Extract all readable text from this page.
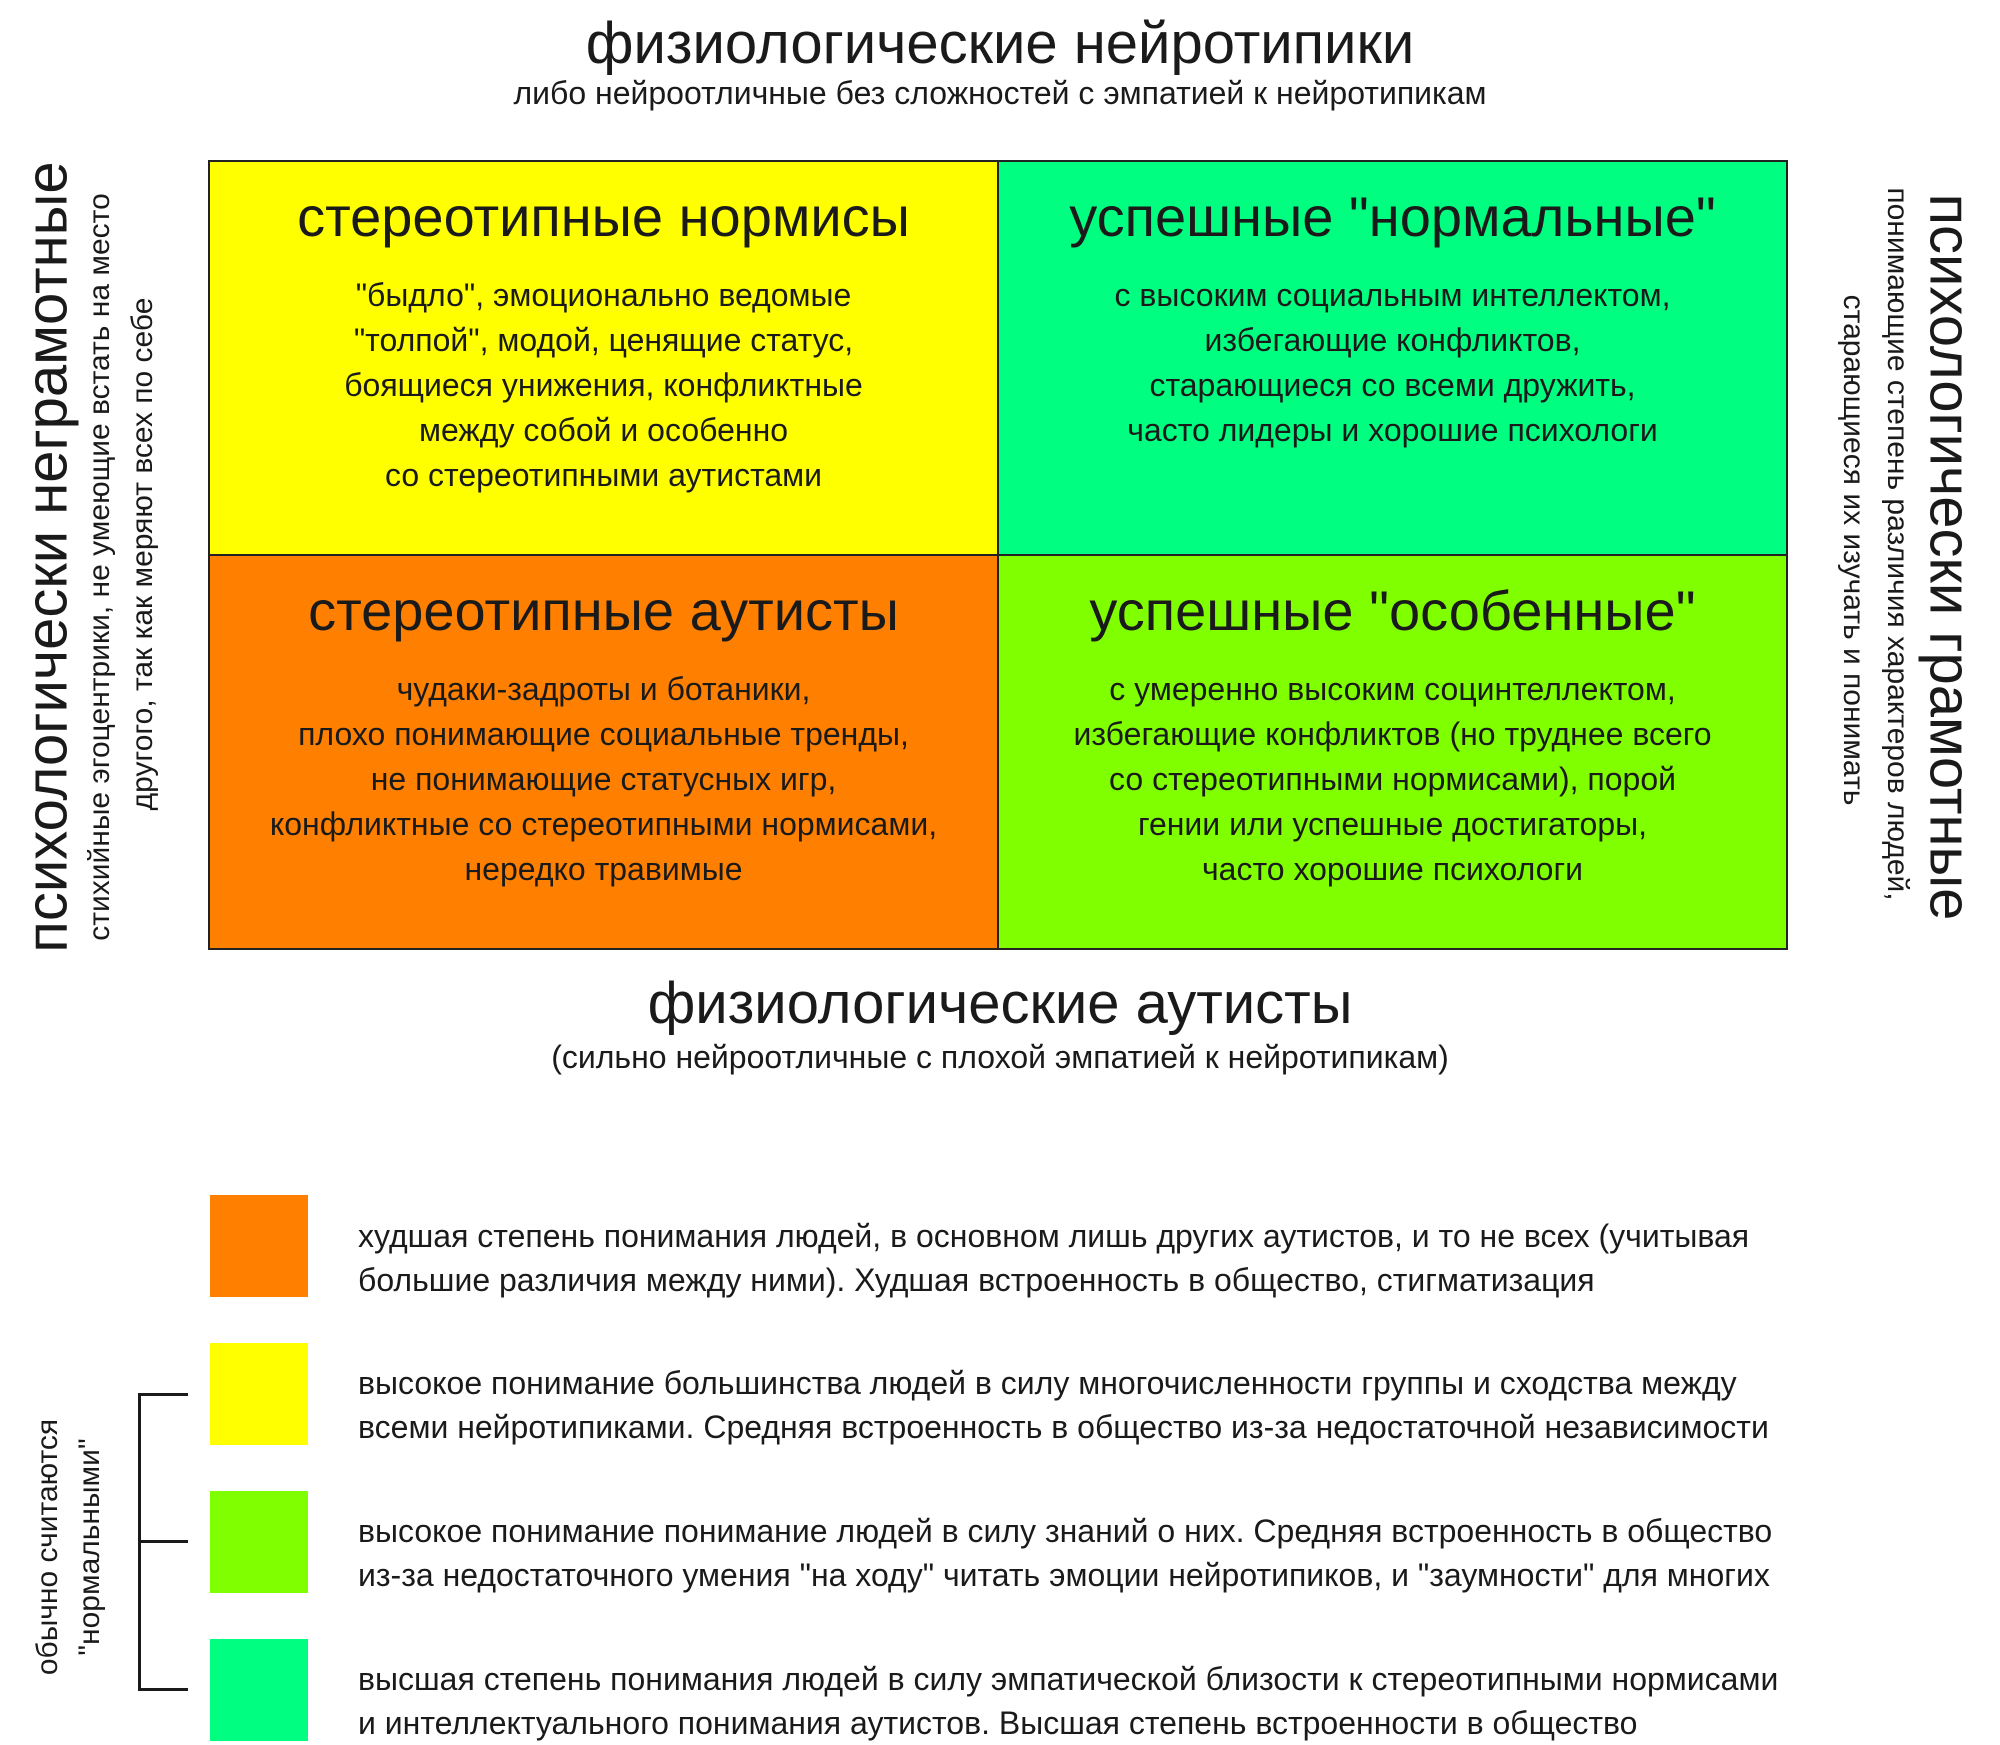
физиологические нейротипики
либо нейроотличные без сложностей с эмпатией к нейротипикам
психологически неграмотные стихийные эгоцентрики, не умеющие встать на место другого, так как меряют всех по себе	психологически грамотные
понимающие степень различия характеров людей,
старающиеся их изучать и понимать
стереотипные нормисы
"быдло", эмоционально ведомые
"толпой", модой, ценящие статус,
боящиеся унижения, конфликтные
между собой и особенно
со стереотипными аутистами
успешные "нормальные"
с высоким социальным интеллектом,
избегающие конфликтов,
старающиеся со всеми дружить,
часто лидеры и хорошие психологи
стереотипные аутисты
чудаки-задроты и ботаники,
плохо понимающие социальные тренды,
не понимающие статусных игр,
конфликтные со стереотипными нормисами,
нередко травимые
успешные "особенные"
с умеренно высоким социнтеллектом,
избегающие конфликтов (но труднее всего
со стереотипными нормисами), порой
гении или успешные достигаторы,
часто хорошие психологи
физиологические аутисты
(сильно нейроотличные с плохой эмпатией к нейротипикам)
худшая степень понимания людей, в основном лишь других аутистов, и то не всех (учитывая
большие различия между ними). Худшая встроенность в общество, стигматизация
высокое понимание большинства людей в силу многочисленности группы и сходства между
всеми нейротипиками. Средняя встроенность в общество из-за недостаточной независимости
высокое понимание понимание людей в силу знаний о них. Средняя встроенность в общество
из-за недостаточного умения "на ходу" читать эмоции нейротипиков, и "заумности" для многих
высшая степень понимания людей в силу эмпатической близости к стереотипными нормисами
и интеллектуального понимания аутистов. Высшая степень встроенности в общество
обычно считаются "нормальными"
